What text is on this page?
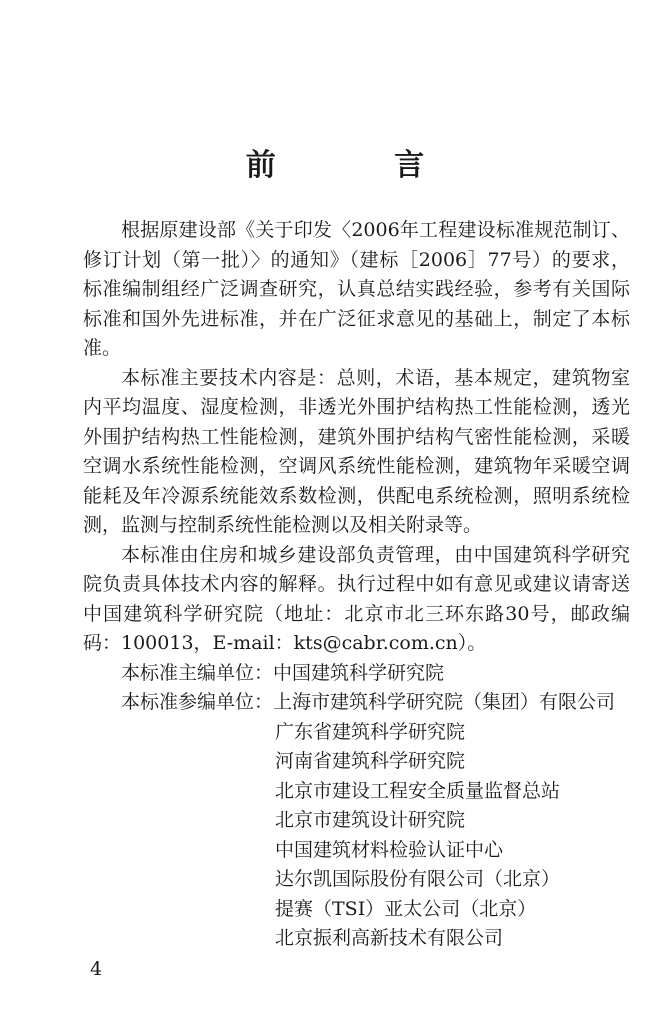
前 言

根据原建设部《关于印发〈2006年工程建设标准规范制订、修订计划（第一批）〉的通知》（建标［2006］77号）的要求，标准编制组经广泛调查研究，认真总结实践经验，参考有关国际标准和国外先进标准，并在广泛征求意见的基础上，制定了本标准。

本标准主要技术内容是：总则，术语，基本规定，建筑物室内平均温度、湿度检测，非透光外围护结构热工性能检测，透光外围护结构热工性能检测，建筑外围护结构气密性能检测，采暖空调水系统性能检测，空调风系统性能检测，建筑物年采暖空调能耗及年冷源系统能效系数检测，供配电系统检测，照明系统检测，监测与控制系统性能检测以及相关附录等。

本标准由住房和城乡建设部负责管理，由中国建筑科学研究院负责具体技术内容的解释。执行过程中如有意见或建议请寄送中国建筑科学研究院（地址：北京市北三环东路30号，邮政编码：100013，E-mail：kts@cabr.com.cn）。

本标准主编单位： 中国建筑科学研究院
本标准参编单位： 上海市建筑科学研究院（集团）有限公司
广东省建筑科学研究院
河南省建筑科学研究院
北京市建设工程安全质量监督总站
北京市建筑设计研究院
中国建筑材料检验认证中心
达尔凯国际股份有限公司（北京）
提赛（TSI）亚太公司（北京）
北京振利高新技术有限公司
4
